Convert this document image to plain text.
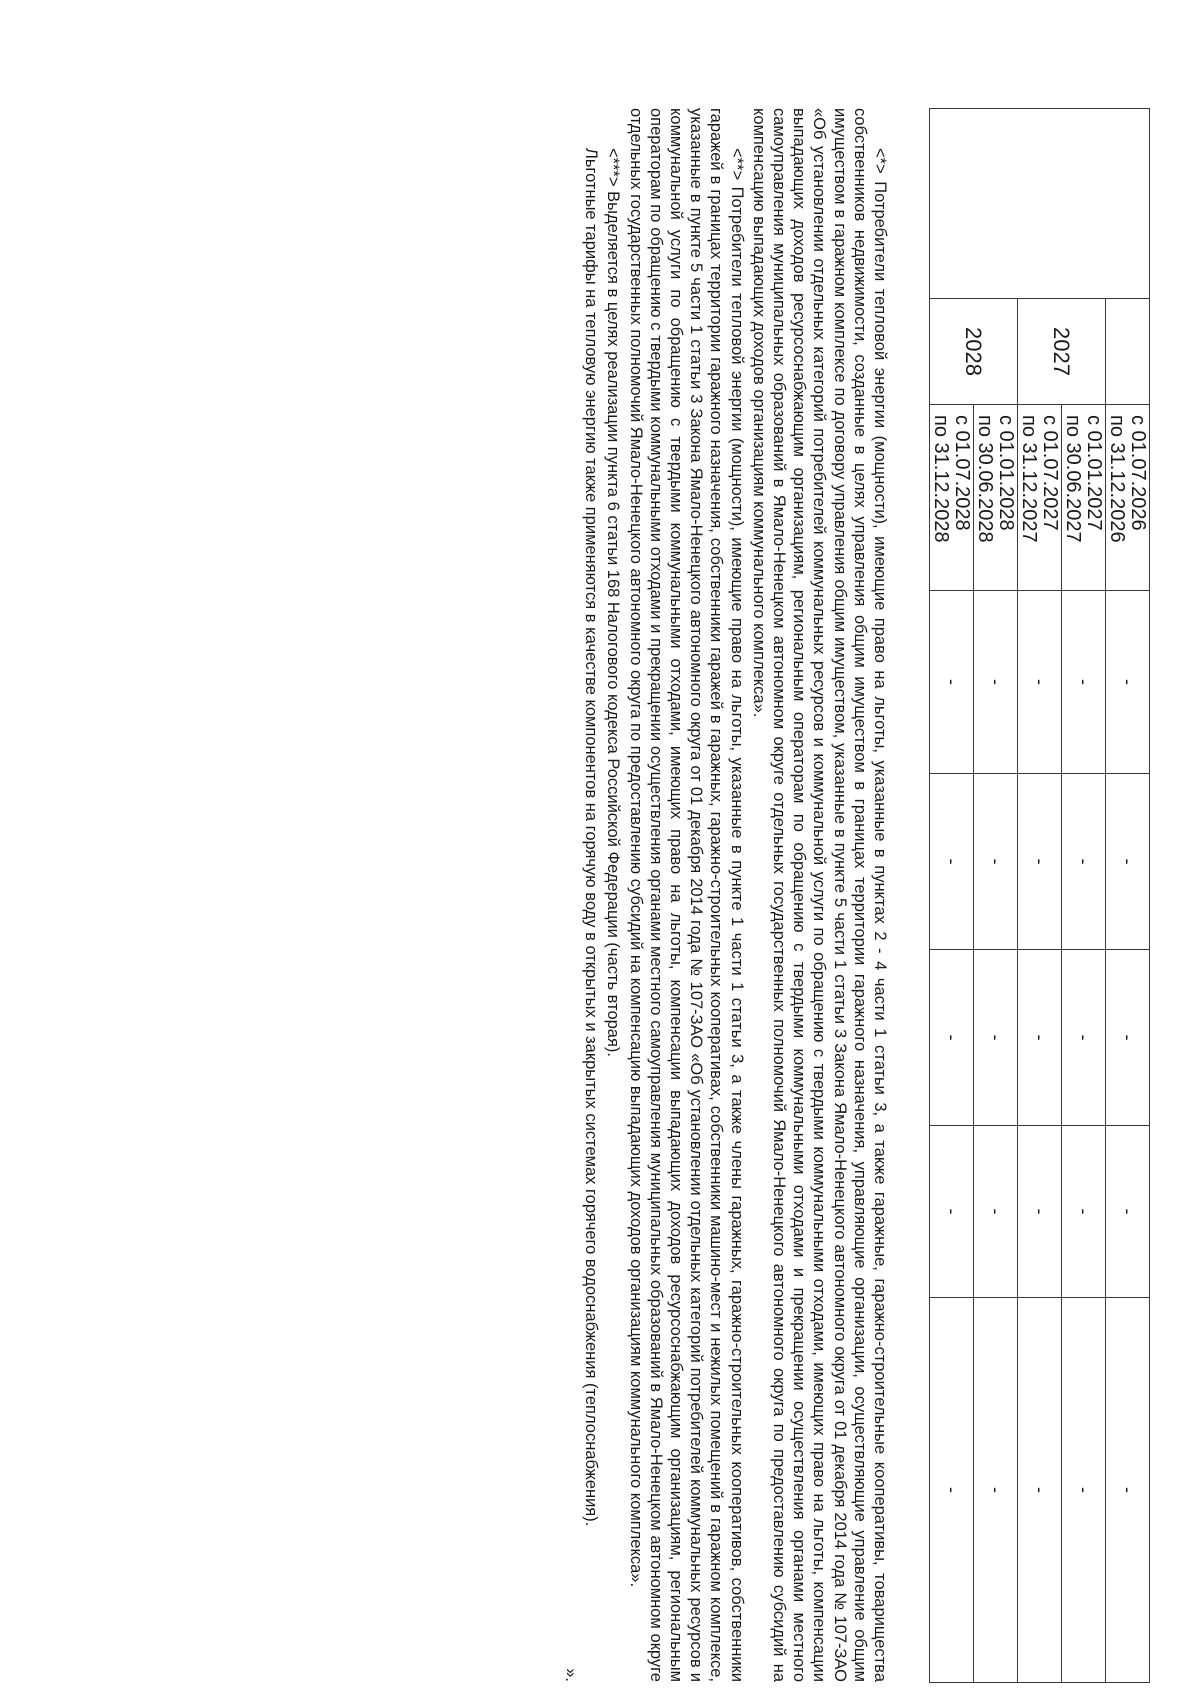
		с 01.07.2026
по 31.12.2026	-	-	-	-	-
	2027	с 01.01.2027
по 30.06.2027	-	-	-	-	-

		с 01.07.2027
по 31.12.2027	-	-	-	-	-
	2028	с 01.01.2028
по 30.06.2028	-	-	-	-	-

		с 01.07.2028
по 31.12.2028	-	-	-	-	-

<*> Потребители тепловой энергии (мощности), имеющие право на льготы, указанные в пунктах 2 - 4 части 1 статьи 3, а также гаражные, гаражно-строительные кооперативы, товарищества собственников недвижимости, созданные в целях управления общим имуществом в границах территории гаражного назначения, управляющие организации, осуществляющие управление общим имуществом в гаражном комплексе по договору управления общим имуществом, указанные в пункте 5 части 1 статьи 3 Закона Ямало-Ненецкого автономного округа от 01 декабря 2014 года № 107-ЗАО «Об установлении отдельных категорий потребителей коммунальных ресурсов и коммунальной услуги по обращению с твердыми коммунальными отходами, имеющих право на льготы, компенсации выпадающих доходов ресурсоснабжающим организациям, региональным операторам по обращению с твердыми коммунальными отходами и прекращении осуществления органами местного самоуправления муниципальных образований в Ямало-Ненецком автономном округе отдельных государственных полномочий Ямало-Ненецкого автономного округа по предоставлению субсидий на компенсацию выпадающих доходов организациям коммунального комплекса».

<**> Потребители тепловой энергии (мощности), имеющие право на льготы, указанные в пункте 1 части 1 статьи 3, а также члены гаражных, гаражно-строительных кооперативов, собственники гаражей в границах территории гаражного назначения, собственники гаражей в гаражных, гаражно-строительных кооперативах, собственники машино-мест и нежилых помещений в гаражном комплексе, указанные в пункте 5 части 1 статьи 3 Закона Ямало-Ненецкого автономного округа от 01 декабря 2014 года № 107-ЗАО «Об установлении отдельных категорий потребителей коммунальных ресурсов и коммунальной услуги по обращению с твердыми коммунальными отходами, имеющих право на льготы, компенсации выпадающих доходов ресурсоснабжающим организациям, региональным операторам по обращению с твердыми коммунальными отходами и прекращении осуществления органами местного самоуправления муниципальных образований в Ямало-Ненецком автономном округе отдельных государственных полномочий Ямало-Ненецкого автономного округа по предоставлению субсидий на компенсацию выпадающих доходов организациям коммунального комплекса».

<***> Выделяется в целях реализации пункта 6 статьи 168 Налогового кодекса Российской Федерации (часть вторая).

Льготные тарифы на тепловую энергию также применяются в качестве компонентов на горячую воду в открытых и закрытых системах горячего водоснабжения (теплоснабжения).

».
